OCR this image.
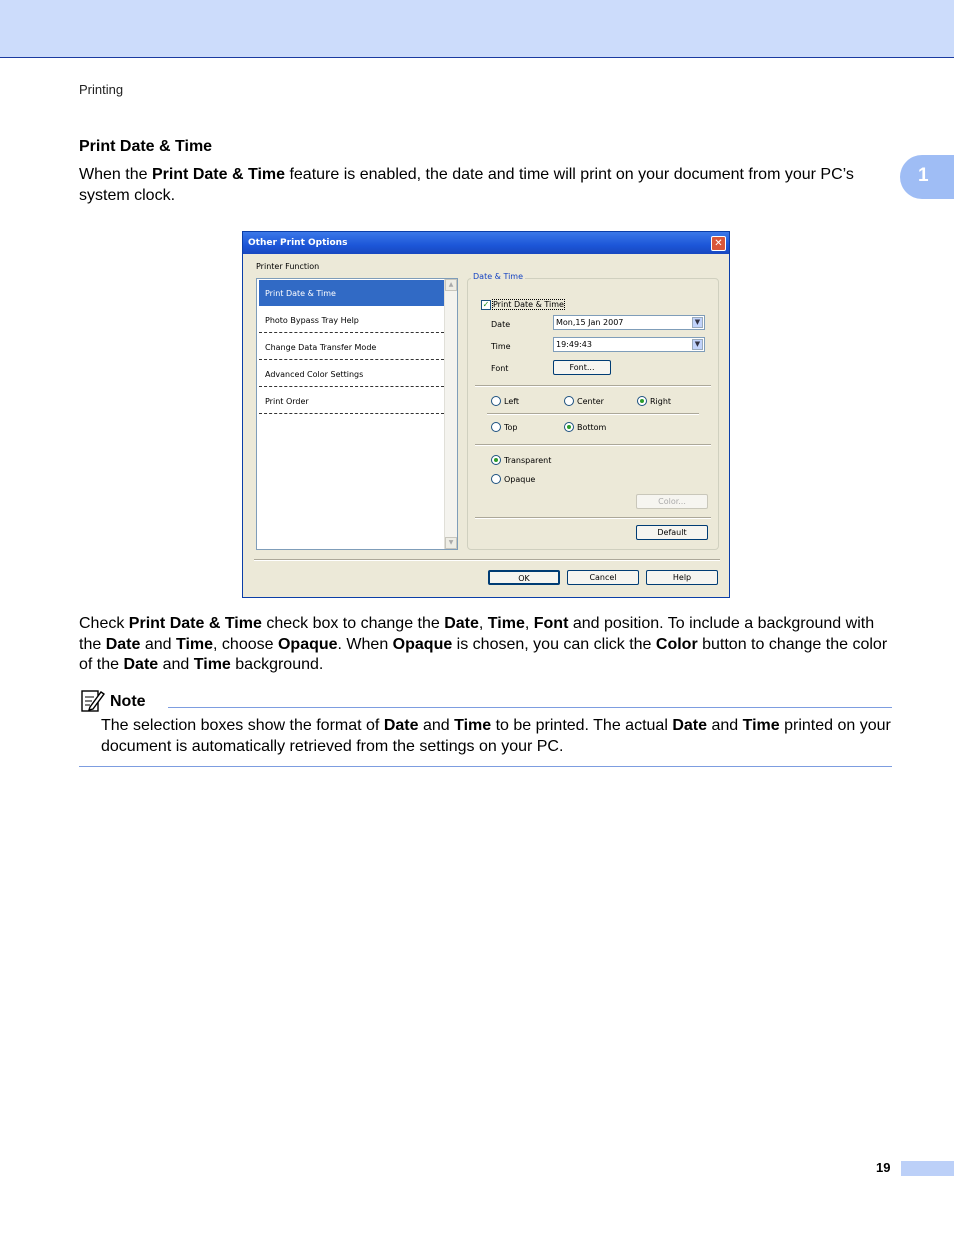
Printing
1
Print Date & Time
When the Print Date & Time feature is enabled, the date and time will print on your document from your PC’s system clock.
Other Print Options	✕
Printer Function
Print Date & Time
Photo Bypass Tray Help
Change Data Transfer Mode
Advanced Color Settings
Print Order
▲
▼
Date & Time
✓ Print Date & Time
Date	Mon,15 Jan 2007	▼
Time	19:49:43	▼
Font	Font...
Left	Center	Right
Top	Bottom
Transparent
Opaque
Color...
Default
OK	Cancel	Help
Check Print Date & Time check box to change the Date, Time, Font and position. To include a background with the Date and Time, choose Opaque. When Opaque is chosen, you can click the Color button to change the color of the Date and Time background.
Note
The selection boxes show the format of Date and Time to be printed. The actual Date and Time printed on your document is automatically retrieved from the settings on your PC.
19
